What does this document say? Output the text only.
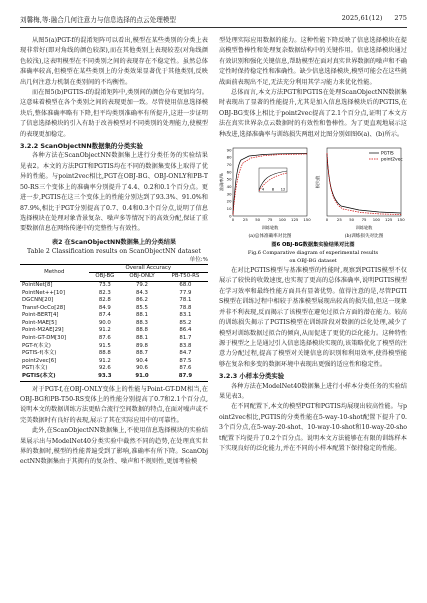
刘馨梅,等:融合几何注意力与信息选择的点云处理模型	2025,61(12) 275

从图5(a)PGT-f的混淆矩阵可以看出,模型在某些类别的分类上表现非常好(即对角线的颜色较深),而在其他类别上表现较差(对角线颜色较浅),这表明模型在不同类别之间的表现存在不稳定性。虽然总体准确率较高,但模型在某些类别上的分类效果显著优于其他类别,反映出几何注意力机制在类别间的不均衡性。

而在图5(b)PGTIS-f的混淆矩阵中,类别间的颜色分布更加均匀。这意味着模型在各个类别之间的表现更加一致。尽管使用信息选择模块后,整体准确率略有下降,但平均类别准确率有所提升,这进一步证明了信息选择模块的引入有助于改善模型对不同类别的处理能力,使模型的表现更加稳定。

3.2.2 ScanObjectNN数据集的分类实验

各种方法在ScanObjectNN数据集上进行分类任务的实验结果见表2。本文的方法PGT和PGTIS均在不同的数据集变体上取得了优异的性能。与point2vec相比,PGT在OBJ-BG、OBJ-ONLY和PB-T50-RS三个变体上的准确率分别提升了4.4、0.2和0.1个百分点。更进一步,PGTIS在这三个变体上的性能分别达到了93.3%、91.0%和87.9%,相比于PGT分别提高了0.7、0.4和0.3个百分点,说明了信息选择模块在处理对象背景复杂、噪声多等情况下的高效分配,保证了重要数据信息在网络传递中的完整性与有效性。

表2 在ScanObjectNN数据集上的分类结果
Table 2 Classification results on ScanObjectNN dataset
单位:%
Method	Overall Accuracy		
	OBJ-BG	OBJ-ONLY	PB-T50-RS
PointNet[8]	73.3	79.2	68.0
PointNet++[10]	82.3	84.3	77.9
DGCNN[20]	82.8	86.2	78.1
Transf-OcCo[28]	84.9	85.5	78.8
Point-BERT[4]	87.4	88.1	83.1
Point-MAE[5]	90.0	88.3	85.2
Point-M2AE[29]	91.2	88.8	86.4
Point-GT-DM[30]	87.6	88.1	81.7
PGT-f(本文)	91.5	89.8	83.8
PGTIS-f(本文)	88.8	88.7	84.7
point2vec[6]	91.2	90.4	87.5
PGT(本文)	92.6	90.6	87.6
PGTIS(本文)	93.3	91.0	87.9

对于PGT-f,在OBJ-ONLY变体上的性能与Point-GT-DM相当,在OBJ-BG和PB-T50-RS变体上的性能分别提高了0.7和2.1个百分点,说明本文的数据训练方法更贴合流行空间数据的特点,在面对噪声或不完美数据时有良好的表现,展示了其在实际应用中的可靠性。

此外,在ScanObjectNN数据集上,不使用信息选择模块的实验结果展示出与ModelNet40分类实验中截然不同的趋势,在处理真实世界的数据时,模型的性能普遍受到了影响,准确率有所下降。ScanObjectNN数据集由于其拥有的复杂性、噪声和不规则性,更加考验模

型处理实际应用数据的能力。这种性能下降反映了信息选择模块在提高模型鲁棒性和处理复杂数据结构中的关键作用。信息选择模块通过有效识别和强化关键信息,帮助模型在面对真实世界数据的噪声和不确定性时保持稳定性和准确性。缺少信息选择模块,模型可能会在这些挑战面前表现出不足,无法充分利用其学习能力来优化性能。

总体而言,本文方法PGT和PGTIS在处理ScanObjectNN数据集时表现出了显著的性能提升,尤其是加入信息选择模块后的PGTIS,在OBJ-BG变体上相比于point2vec提高了2.1个百分点,证明了本文方法在真实世界杂点云数据时的有效性和鲁棒性。为了更直观地展示这种改进,选择准确率与训练损失两组对比图分别如图6(a)、(b)所示。

4 8 12
0
10
20
30
40
50
60
70
80
90
0 25 50 75 100 125 150
准确率/%
训练轮数
PGTIS
point2vec
0 25 50 75 100 125 150
损失值
训练轮数
(a)总体准确率对比图	(b)训练损失对比图
图6 OBJ-BG数据集实验结果对比图
Fig.6 Comparative diagram of experimental results
on OBJ-BG dataset

在对比PGTIS模型与基准模型的性能时,观察到PGTIS模型不仅展示了较快的收敛速度,也实现了更高的总体准确率,说明PGTIS模型在学习效率和最终性能方面具有显著优势。值得注意的是,尽管PGTIS模型在训练过程中相较于基准模型展现出较高的损失值,但这一现象并非不利表现,反而揭示了该模型在避免过拟合方面的潜在能力。较高的训练损失揭示了PGTIS模型在训练阶段对数据的泛化处理,减少了模型对训练数据过拟合的倾向,从而促进了更优的泛化能力。这种特性源于模型之上是通过引入信息选择模块实现的,该策略优化了模型的注意力分配过程,提高了模型对关键信息的识别和利用效率,使得模型能够在复杂和多变的数据环境中表现出更强的适应性和稳定性。

3.2.3 小样本分类实验

各种方法在ModelNet40数据集上进行小样本分类任务的实验结果见表3。

在不同配置下,本文的模型PGT和PGTIS均展现出较高性能。与point2vec相比,PGTIS的分类性能在5-way-10-shot配置下提升了0.3个百分点,在5-way-20-shot、10-way-10-shot和10-way-20-shot配置下均提升了0.2个百分点。说明本文方法能够在有限的训练样本下实现良好的泛化能力,并在不同的小样本配置下保持稳定的性能。
